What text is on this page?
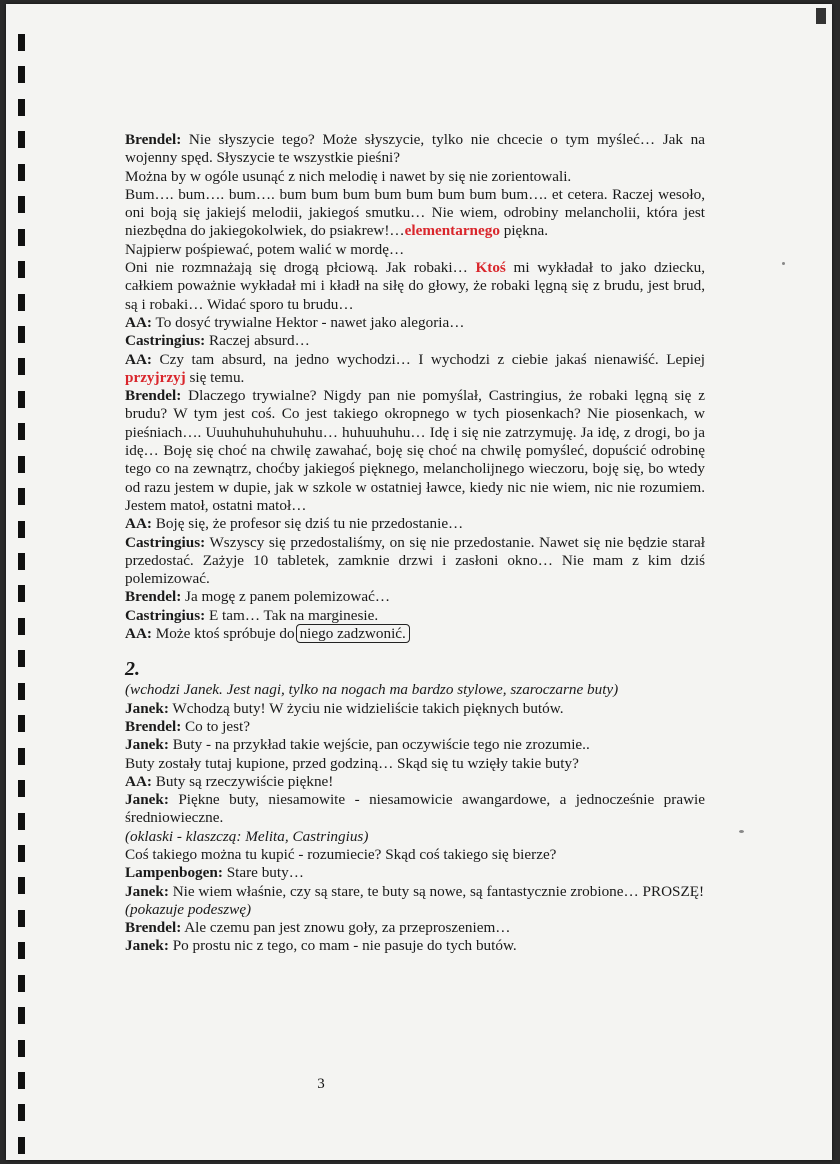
Brendel: Nie słyszycie tego? Może słyszycie, tylko nie chcecie o tym myśleć… Jak na wojenny spęd. Słyszycie te wszystkie pieśni?

Można by w ogóle usunąć z nich melodię i nawet by się nie zorientowali.

Bum…. bum…. bum…. bum bum bum bum bum bum bum bum…. et cetera. Raczej wesoło, oni boją się jakiejś melodii, jakiegoś smutku… Nie wiem, odrobiny melancholii, która jest niezbędna do jakiegokolwiek, do psiakrew!…elementarnego piękna.

Najpierw pośpiewać, potem walić w mordę…

Oni nie rozmnażają się drogą płciową. Jak robaki… Ktoś mi wykładał to jako dziecku, całkiem poważnie wykładał mi i kładł na siłę do głowy, że robaki lęgną się z brudu, jest brud, są i robaki… Widać sporo tu brudu…

AA: To dosyć trywialne Hektor - nawet jako alegoria…

Castringius: Raczej absurd…

AA: Czy tam absurd, na jedno wychodzi… I wychodzi z ciebie jakaś nienawiść. Lepiej przyjrzyj się temu.

Brendel: Dlaczego trywialne? Nigdy pan nie pomyślał, Castringius, że robaki lęgną się z brudu? W tym jest coś. Co jest takiego okropnego w tych piosenkach? Nie piosenkach, w pieśniach…. Uuuhuhuhuhuhuhu… huhuuhuhu… Idę i się nie zatrzymuję. Ja idę, z drogi, bo ja idę… Boję się choć na chwilę zawahać, boję się choć na chwilę pomyśleć, dopuścić odrobinę tego co na zewnątrz, choćby jakiegoś pięknego, melancholijnego wieczoru, boję się, bo wtedy od razu jestem w dupie, jak w szkole w ostatniej ławce, kiedy nic nie wiem, nic nie rozumiem. Jestem matoł, ostatni matoł…

AA: Boję się, że profesor się dziś tu nie przedostanie…

Castringius: Wszyscy się przedostaliśmy, on się nie przedostanie. Nawet się nie będzie starał przedostać. Zażyje 10 tabletek, zamknie drzwi i zasłoni okno… Nie mam z kim dziś polemizować.

Brendel: Ja mogę z panem polemizować…

Castringius: E tam… Tak na marginesie.

AA: Może ktoś spróbuje do niego zadzwonić.

2.

(wchodzi Janek. Jest nagi, tylko na nogach ma bardzo stylowe, szaroczarne buty)

Janek: Wchodzą buty! W życiu nie widzieliście takich pięknych butów.

Brendel: Co to jest?

Janek: Buty - na przykład takie wejście, pan oczywiście tego nie zrozumie..

Buty zostały tutaj kupione, przed godziną… Skąd się tu wzięły takie buty?

AA: Buty są rzeczywiście piękne!

Janek: Piękne buty, niesamowite - niesamowicie awangardowe, a jednocześnie prawie średniowieczne.

(oklaski - klaszczą: Melita, Castringius)

Coś takiego można tu kupić - rozumiecie? Skąd coś takiego się bierze?

Lampenbogen: Stare buty…

Janek: Nie wiem właśnie, czy są stare, te buty są nowe, są fantastycznie zrobione… PROSZĘ!

(pokazuje podeszwę)

Brendel: Ale czemu pan jest znowu goły, za przeproszeniem…

Janek: Po prostu nic z tego, co mam - nie pasuje do tych butów.

3
